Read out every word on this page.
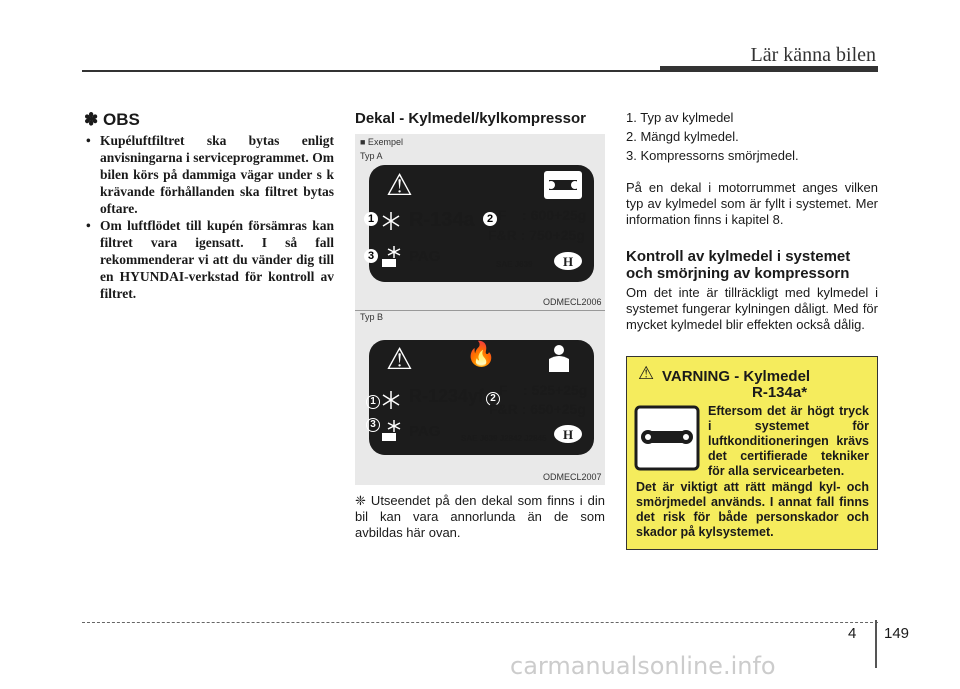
Lär känna bilen
✽ OBS
• Kupéluftfiltret ska bytas enligt anvisningarna i serviceprogrammet. Om bilen körs på dammiga vägar under s k krävande förhållanden ska filtret bytas oftare.
• Om luftflödet till kupén försämras kan filtret vara igensatt. I så fall rekommenderar vi att du vänder dig till en HYUNDAI-verkstad för kontroll av filtret.
Dekal - Kylmedel/kylkompressor
■ Exempel
Typ A
⚠
1 R-134a	2 F    : 600+25g
F&R : 750+25g
3 PAG	SAE J639 H
ODMECL2006
Typ B
⚠ 🔥
1 R-1234yf 2
F    : 525+25g
F&R : 650+25g
3 PAG	SAE J639 J2842 J2845 H
ODMECL2007
❈ Utseendet på den dekal som finns i din bil kan vara annorlunda än de som avbildas här ovan.
1. Typ av kylmedel
2. Mängd kylmedel.
3. Kompressorns smörjmedel.
På en dekal i motorrummet anges vilken typ av kylmedel som är fyllt i systemet. Mer information finns i kapitel 8.
Kontroll av kylmedel i systemet och smörjning av kompressorn
Om det inte är tillräckligt med kylmedel i systemet fungerar kylningen dåligt. Med för mycket kylmedel blir effekten också dålig.
⚠ VARNING - Kylmedel
R-134a*
Eftersom det är högt tryck i systemet för luftkonditioneringen krävs det certifierade tekniker för alla servicearbeten.
Det är viktigt att rätt mängd kyl- och smörjmedel används. I annat fall finns det risk för både personskador och skador på kylsystemet.
4 149
carmanualsonline.info
